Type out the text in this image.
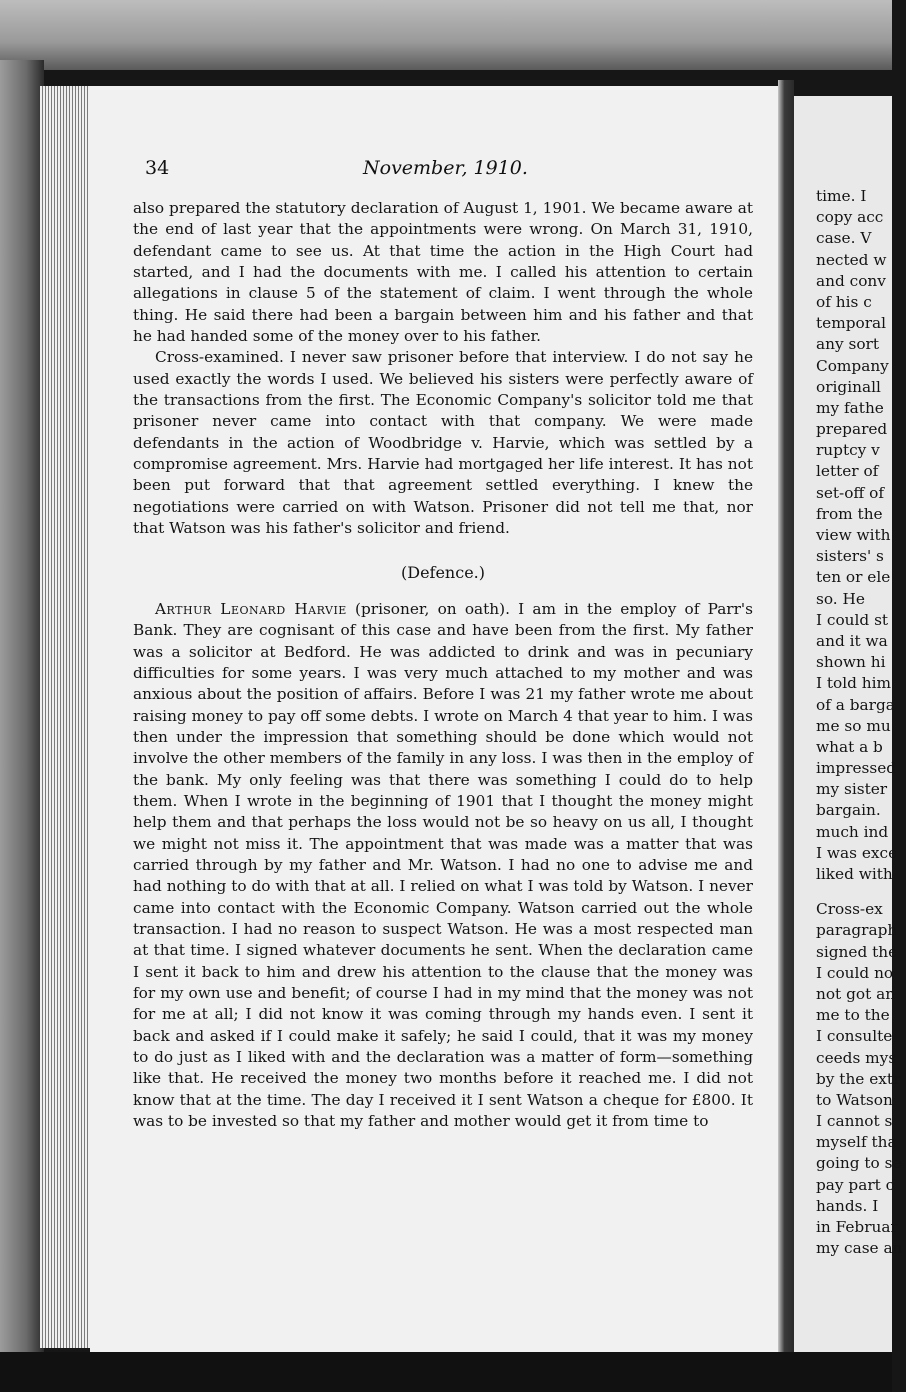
34	November, 1910.

also prepared the statutory declaration of August 1, 1901. We became aware at the end of last year that the appointments were wrong. On March 31, 1910, defendant came to see us. At that time the action in the High Court had started, and I had the documents with me. I called his attention to certain allegations in clause 5 of the statement of claim. I went through the whole thing. He said there had been a bargain between him and his father and that he had handed some of the money over to his father.

Cross-examined. I never saw prisoner before that interview. I do not say he used exactly the words I used. We believed his sisters were perfectly aware of the transactions from the first. The Economic Company's solicitor told me that prisoner never came into contact with that company. We were made defendants in the action of Woodbridge v. Harvie, which was settled by a compromise agreement. Mrs. Harvie had mortgaged her life interest. It has not been put forward that that agreement settled everything. I knew the negotiations were carried on with Watson. Prisoner did not tell me that, nor that Watson was his father's solicitor and friend.

(Defence.)

Arthur Leonard Harvie (prisoner, on oath). I am in the employ of Parr's Bank. They are cognisant of this case and have been from the first. My father was a solicitor at Bedford. He was addicted to drink and was in pecuniary difficulties for some years. I was very much attached to my mother and was anxious about the position of affairs. Before I was 21 my father wrote me about raising money to pay off some debts. I wrote on March 4 that year to him. I was then under the impression that something should be done which would not involve the other members of the family in any loss. I was then in the employ of the bank. My only feeling was that there was something I could do to help them. When I wrote in the beginning of 1901 that I thought the money might help them and that perhaps the loss would not be so heavy on us all, I thought we might not miss it. The appointment that was made was a matter that was carried through by my father and Mr. Watson. I had no one to advise me and had nothing to do with that at all. I relied on what I was told by Watson. I never came into contact with the Economic Company. Watson carried out the whole transaction. I had no reason to suspect Watson. He was a most respected man at that time. I signed whatever documents he sent. When the declaration came I sent it back to him and drew his attention to the clause that the money was for my own use and benefit; of course I had in my mind that the money was not for me at all; I did not know it was coming through my hands even. I sent it back and asked if I could make it safely; he said I could, that it was my money to do just as I liked with and the declaration was a matter of form—something like that. He received the money two months before it reached me. I did not know that at the time. The day I received it I sent Watson a cheque for £800. It was to be invested so that my father and mother would get it from time to

time. I
copy acc
case. V
nected w
and conv
of his c
temporal
any sort
Company
originall
my fathe
prepared
ruptcy v
letter of
set-off of
from the
view with
sisters' s
ten or ele
so. He
I could st
and it wa
shown hi
I told him
of a barga
me so mu
what a b
impressed
my sister
bargain.
much ind
I was exce
liked with
Cross-ex
paragraph
signed the
I could no
not got an
me to the
I consulte
ceeds mys
by the extr
to Watson
I cannot s
myself tha
going to se
pay part o
hands. I
in Februar
my case an
